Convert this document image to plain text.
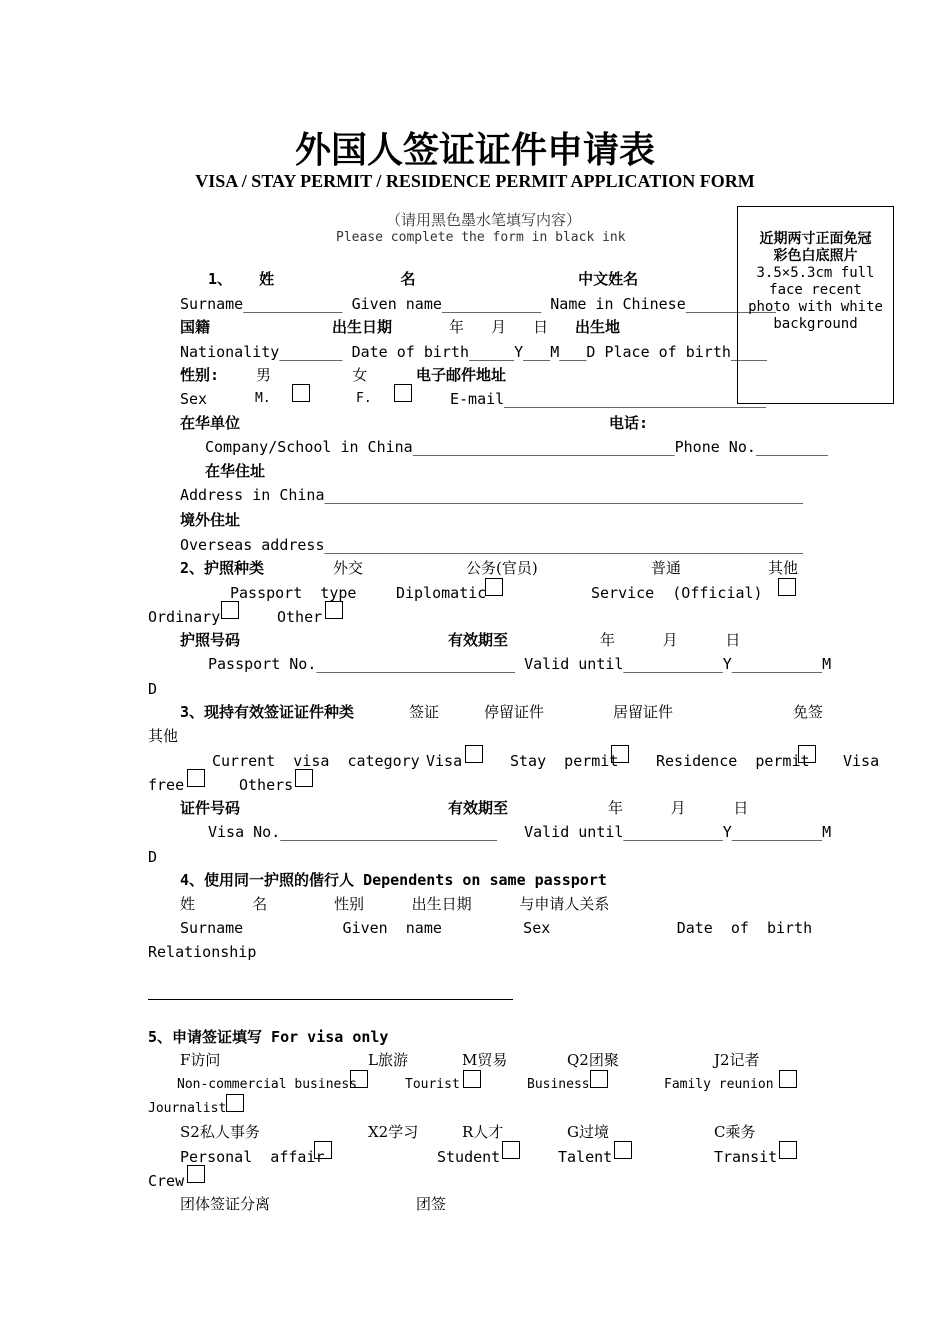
外国人签证证件申请表
VISA / STAY PERMIT / RESIDENCE PERMIT APPLICATION FORM
（请用黑色墨水笔填写内容）
Please complete the form in black ink	近期两寸正面免冠彩色白底照片
3.5×5.3cm full face recent photo with white background
1、   姓              名                  中文姓名
Surname___________ Given name___________ Name in Chinese__________
国籍	出生日期	年   月   日 出生地
Nationality_______ Date of birth_____Y___M___D Place of birth____
性别: 男         女	电子邮件地址
Sex	M.	F.	E-mail_____________________________
在华单位	电话:
Company/School in China_____________________________Phone No.________
在华住址
Address in China_____________________________________________________
境外住址
Overseas address_____________________________________________________
2、护照种类	外交	公务(官员)	普通	其他
Passport  type	Diplomatic	Service  (Official)
Ordinary	Other
护照号码	有效期至	年          月          日
Passport No.______________________ Valid until___________Y__________M
D
3、现持有效签证证件种类	签证	停留证件	居留证件	免签
其他
Current  visa  category Visa	Stay  permit	Residence  permit Visa
free	Others
证件号码	有效期至	年          月          日
Visa No.________________________   Valid until___________Y__________M
D
4、使用同一护照的偕行人 Dependents on same passport
姓            名              性别          出生日期          与申请人关系
Surname           Given  name         Sex              Date  of  birth
Relationship
5、申请签证填写 For visa only
F访问	L旅游	M贸易	Q2团聚	J2记者
Non-commercial business	Tourist	Business	Family reunion
Journalist
S2私人事务	X2学习	R人才	G过境	C乘务
Personal  affair	Student	Talent	Transit
Crew
团体签证分离	团签
